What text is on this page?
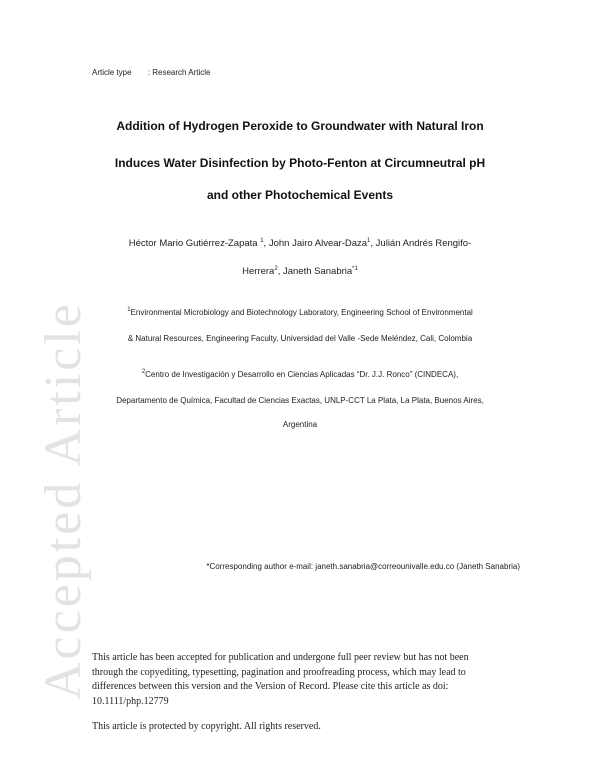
Accepted Article
Article type : Research Article
Addition of Hydrogen Peroxide to Groundwater with Natural Iron
Induces Water Disinfection by Photo-Fenton at Circumneutral pH
and other Photochemical Events
Héctor Mario Gutiérrez-Zapata $^1$, John Jairo Alvear-Daza$^1$, Julián Andrés Rengifo-
Herrera$^2$, Janeth Sanabria$^{*1}$
$^1$Environmental Microbiology and Biotechnology Laboratory, Engineering School of Environmental
& Natural Resources, Engineering Faculty, Universidad del Valle -Sede Meléndez, Cali, Colombia
$^2$Centro de Investigación y Desarrollo en Ciencias Aplicadas “Dr. J.J. Ronco” (CINDECA),
Departamento de Química, Facultad de Ciencias Exactas, UNLP-CCT La Plata, La Plata, Buenos Aires,
Argentina
*Corresponding author e-mail: janeth.sanabria@correounivalle.edu.co (Janeth Sanabria)
This article has been accepted for publication and undergone full peer review but has not been
through the copyediting, typesetting, pagination and proofreading process, which may lead to
differences between this version and the Version of Record. Please cite this article as doi:
10.1111/php.12779
This article is protected by copyright. All rights reserved.
